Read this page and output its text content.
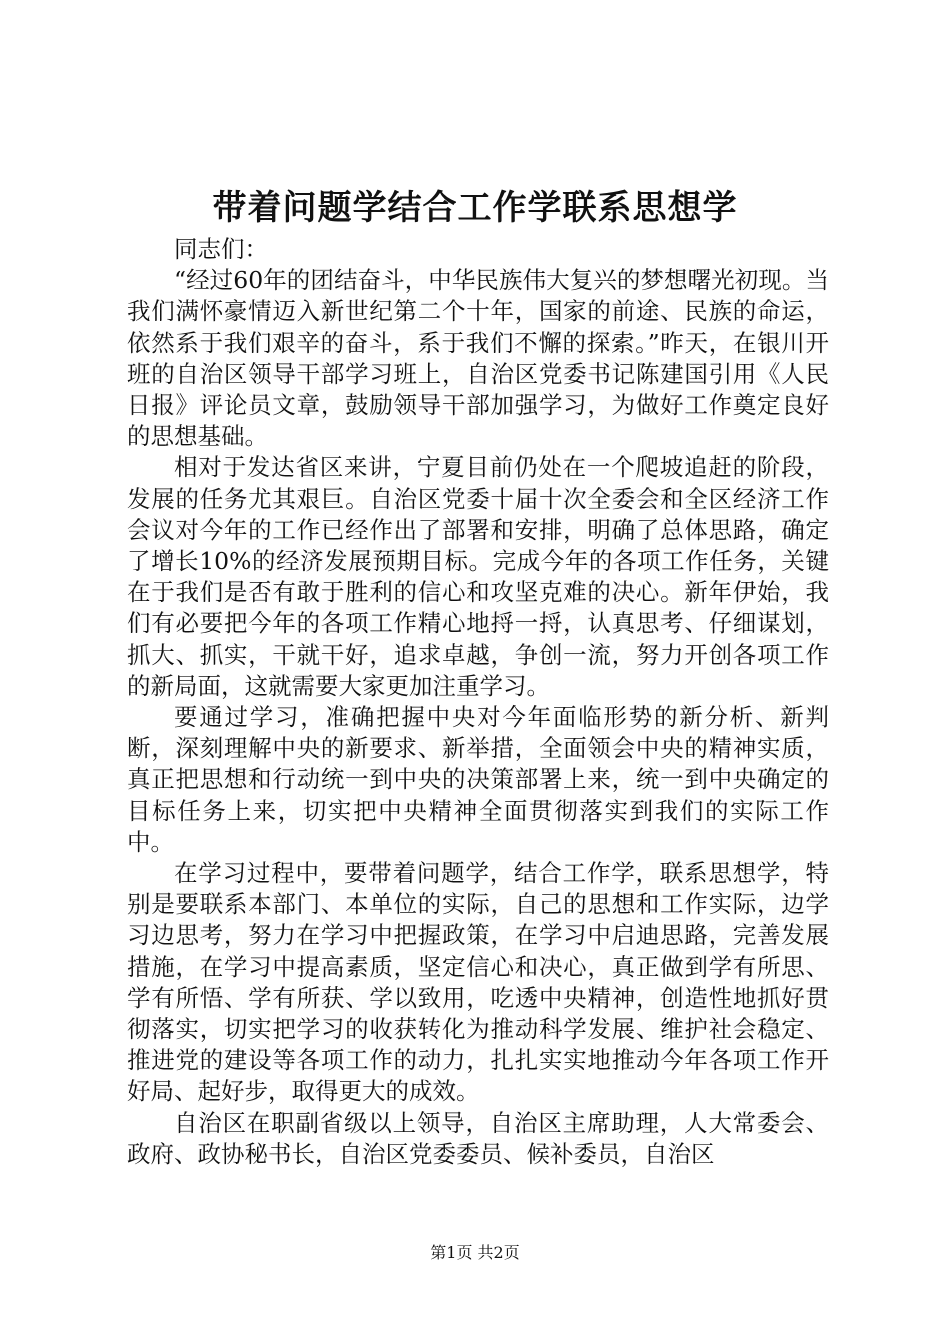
带着问题学结合工作学联系思想学

同志们：

“经过60年的团结奋斗，中华民族伟大复兴的梦想曙光初现。当我们满怀豪情迈入新世纪第二个十年，国家的前途、民族的命运，依然系于我们艰辛的奋斗，系于我们不懈的探索。”昨天，在银川开班的自治区领导干部学习班上，自治区党委书记陈建国引用《人民日报》评论员文章，鼓励领导干部加强学习，为做好工作奠定良好的思想基础。

相对于发达省区来讲，宁夏目前仍处在一个爬坡追赶的阶段，发展的任务尤其艰巨。自治区党委十届十次全委会和全区经济工作会议对今年的工作已经作出了部署和安排，明确了总体思路，确定了增长10%的经济发展预期目标。完成今年的各项工作任务，关键在于我们是否有敢于胜利的信心和攻坚克难的决心。新年伊始，我们有必要把今年的各项工作精心地捋一捋，认真思考、仔细谋划，抓大、抓实，干就干好，追求卓越，争创一流，努力开创各项工作的新局面，这就需要大家更加注重学习。

要通过学习，准确把握中央对今年面临形势的新分析、新判断，深刻理解中央的新要求、新举措，全面领会中央的精神实质，真正把思想和行动统一到中央的决策部署上来，统一到中央确定的目标任务上来，切实把中央精神全面贯彻落实到我们的实际工作中。

在学习过程中，要带着问题学，结合工作学，联系思想学，特别是要联系本部门、本单位的实际，自己的思想和工作实际，边学习边思考，努力在学习中把握政策，在学习中启迪思路，完善发展措施，在学习中提高素质，坚定信心和决心，真正做到学有所思、学有所悟、学有所获、学以致用，吃透中央精神，创造性地抓好贯彻落实，切实把学习的收获转化为推动科学发展、维护社会稳定、推进党的建设等各项工作的动力，扎扎实实地推动今年各项工作开好局、起好步，取得更大的成效。

自治区在职副省级以上领导，自治区主席助理，人大常委会、政府、政协秘书长，自治区党委委员、候补委员，自治区

第1页 共2页
